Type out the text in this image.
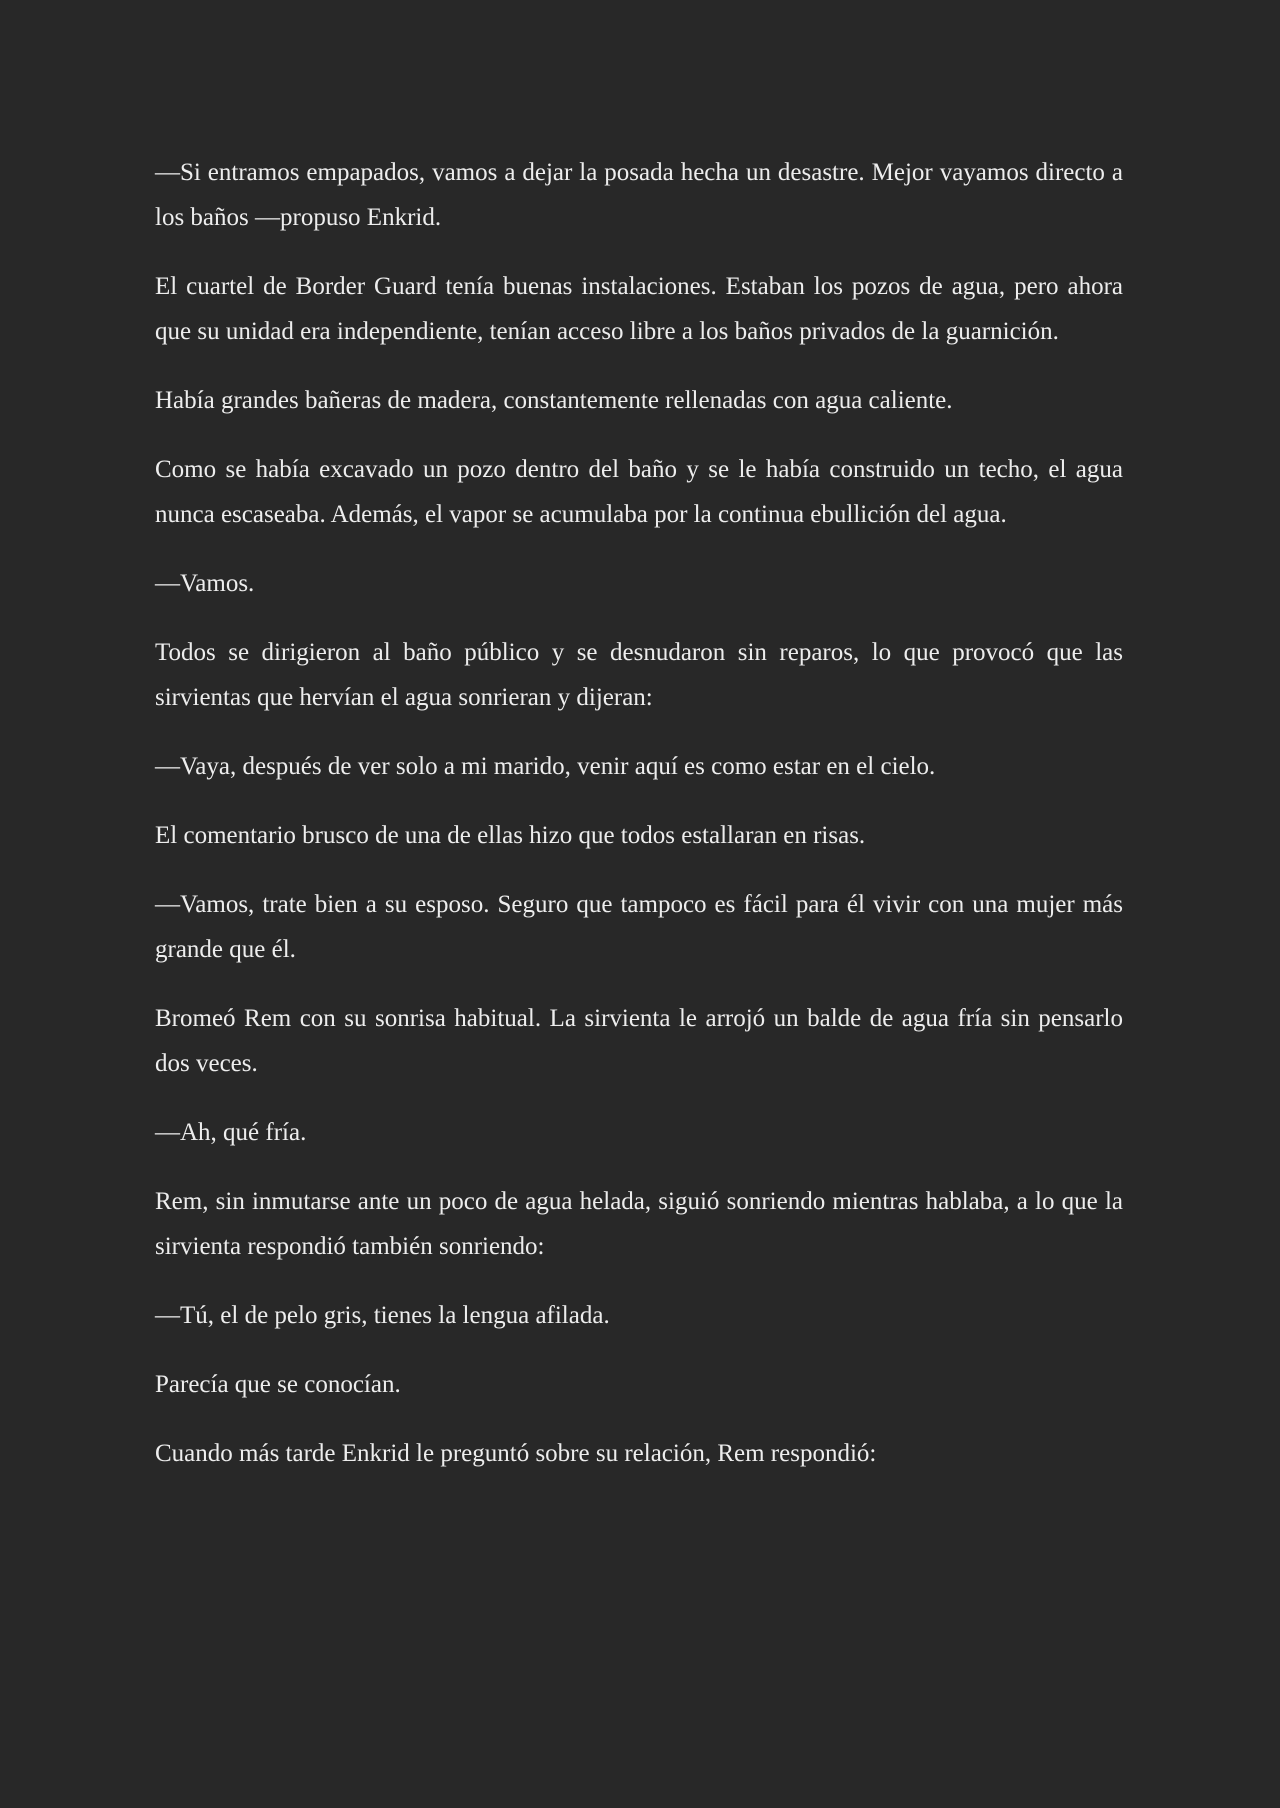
—Si entramos empapados, vamos a dejar la posada hecha un desastre. Mejor vayamos directo a los baños —propuso Enkrid.

El cuartel de Border Guard tenía buenas instalaciones. Estaban los pozos de agua, pero ahora que su unidad era independiente, tenían acceso libre a los baños privados de la guarnición.

Había grandes bañeras de madera, constantemente rellenadas con agua caliente.

Como se había excavado un pozo dentro del baño y se le había construido un techo, el agua nunca escaseaba. Además, el vapor se acumulaba por la continua ebullición del agua.

—Vamos.

Todos se dirigieron al baño público y se desnudaron sin reparos, lo que provocó que las sirvientas que hervían el agua sonrieran y dijeran:

—Vaya, después de ver solo a mi marido, venir aquí es como estar en el cielo.

El comentario brusco de una de ellas hizo que todos estallaran en risas.

—Vamos, trate bien a su esposo. Seguro que tampoco es fácil para él vivir con una mujer más grande que él.

Bromeó Rem con su sonrisa habitual. La sirvienta le arrojó un balde de agua fría sin pensarlo dos veces.

—Ah, qué fría.

Rem, sin inmutarse ante un poco de agua helada, siguió sonriendo mientras hablaba, a lo que la sirvienta respondió también sonriendo:

—Tú, el de pelo gris, tienes la lengua afilada.

Parecía que se conocían.

Cuando más tarde Enkrid le preguntó sobre su relación, Rem respondió:
